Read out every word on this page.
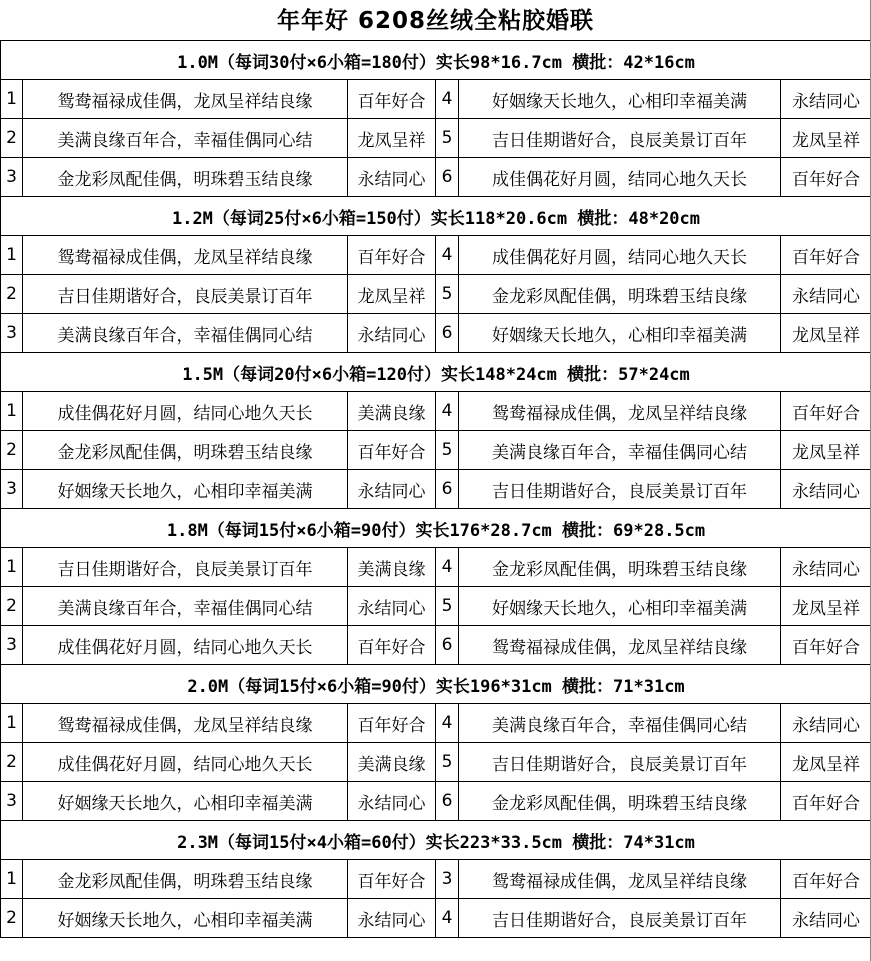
年年好 6208丝绒全粘胶婚联
1.0M（每词30付×6小箱=180付）实长98*16.7cm 横批：42*16cm					
1	鸳鸯福禄成佳偶，龙凤呈祥结良缘	百年好合	4	好姻缘天长地久，心相印幸福美满	永结同心
2	美满良缘百年合，幸福佳偶同心结	龙凤呈祥	5	吉日佳期谐好合，良辰美景订百年	龙凤呈祥
3	金龙彩凤配佳偶，明珠碧玉结良缘	永结同心	6	成佳偶花好月圆，结同心地久天长	百年好合
1.2M（每词25付×6小箱=150付）实长118*20.6cm 横批：48*20cm					
1	鸳鸯福禄成佳偶，龙凤呈祥结良缘	百年好合	4	成佳偶花好月圆，结同心地久天长	百年好合
2	吉日佳期谐好合，良辰美景订百年	龙凤呈祥	5	金龙彩凤配佳偶，明珠碧玉结良缘	永结同心
3	美满良缘百年合，幸福佳偶同心结	永结同心	6	好姻缘天长地久，心相印幸福美满	龙凤呈祥
1.5M（每词20付×6小箱=120付）实长148*24cm 横批：57*24cm					
1	成佳偶花好月圆，结同心地久天长	美满良缘	4	鸳鸯福禄成佳偶，龙凤呈祥结良缘	百年好合
2	金龙彩凤配佳偶，明珠碧玉结良缘	百年好合	5	美满良缘百年合，幸福佳偶同心结	龙凤呈祥
3	好姻缘天长地久，心相印幸福美满	永结同心	6	吉日佳期谐好合，良辰美景订百年	永结同心
1.8M（每词15付×6小箱=90付）实长176*28.7cm 横批：69*28.5cm					
1	吉日佳期谐好合，良辰美景订百年	美满良缘	4	金龙彩凤配佳偶，明珠碧玉结良缘	永结同心
2	美满良缘百年合，幸福佳偶同心结	永结同心	5	好姻缘天长地久，心相印幸福美满	龙凤呈祥
3	成佳偶花好月圆，结同心地久天长	百年好合	6	鸳鸯福禄成佳偶，龙凤呈祥结良缘	百年好合
2.0M（每词15付×6小箱=90付）实长196*31cm 横批：71*31cm					
1	鸳鸯福禄成佳偶，龙凤呈祥结良缘	百年好合	4	美满良缘百年合，幸福佳偶同心结	永结同心
2	成佳偶花好月圆，结同心地久天长	美满良缘	5	吉日佳期谐好合，良辰美景订百年	龙凤呈祥
3	好姻缘天长地久，心相印幸福美满	永结同心	6	金龙彩凤配佳偶，明珠碧玉结良缘	百年好合
2.3M（每词15付×4小箱=60付）实长223*33.5cm 横批：74*31cm					
1	金龙彩凤配佳偶，明珠碧玉结良缘	百年好合	3	鸳鸯福禄成佳偶，龙凤呈祥结良缘	百年好合
2	好姻缘天长地久，心相印幸福美满	永结同心	4	吉日佳期谐好合，良辰美景订百年	永结同心
